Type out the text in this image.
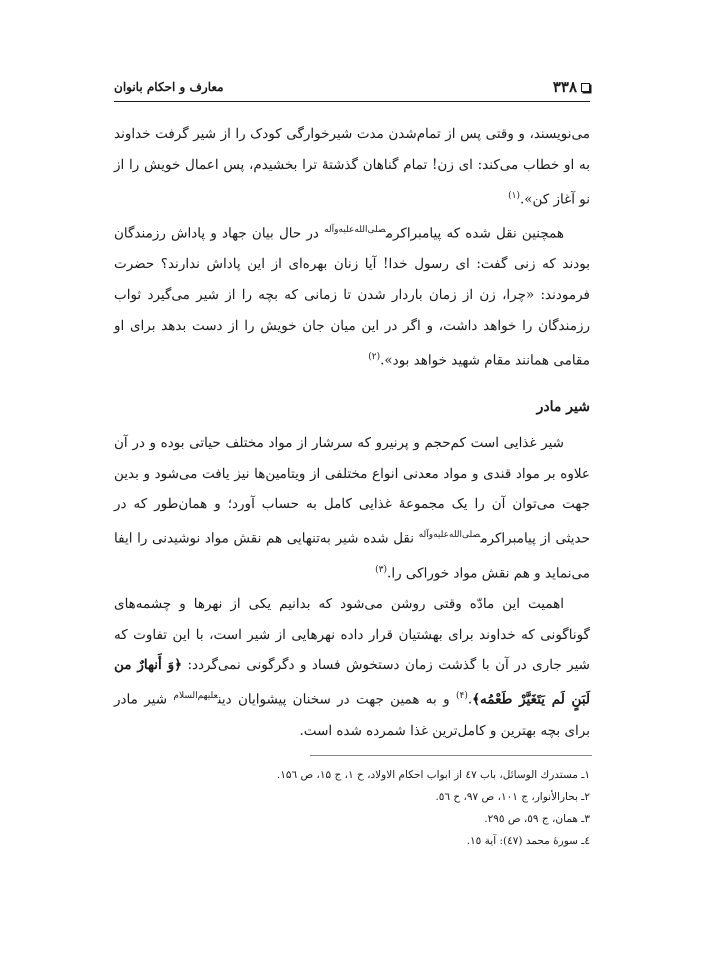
معارف و احکام بانوان	۳۳۸

می‌نویسند، و وقتی پس از تمام‌شدن مدت شیرخوارگی کودک را از شیر گرفت خداوند به او خطاب می‌کند: ای زن! تمام گناهان گذشتهٔ ترا بخشیدم، پس اعمال خویش را از نو آغاز کن».$^{(۱)}$

همچنین نقل شده که پیامبراکرم$^{صلى‌الله‌عليه‌وآله}$ در حال بیان جهاد و پاداش رزمندگان بودند که زنی گفت: ای رسول خدا! آیا زنان بهره‌ای از این پاداش ندارند؟ حضرت فرمودند: «چرا، زن از زمان باردار شدن تا زمانی که بچه را از شیر می‌گیرد ثواب رزمندگان را خواهد داشت، و اگر در این میان جان خویش را از دست بدهد برای او مقامی همانند مقام شهید خواهد بود».$^{(۲)}$

شیر مادر

شیر غذایی است کم‌حجم و پرنیرو که سرشار از مواد مختلف حیاتی بوده و در آن علاوه بر مواد قندی و مواد معدنی انواع مختلفی از ویتامین‌ها نیز یافت می‌شود و بدین جهت می‌توان آن را یک مجموعهٔ غذایی کامل به حساب آورد؛ و همان‌طور که در حدیثی از پیامبراکرم$^{صلى‌الله‌عليه‌وآله}$ نقل شده شیر به‌تنهایی هم نقش مواد نوشیدنی را ایفا می‌نماید و هم نقش مواد خوراکی را.$^{(۳)}$

اهمیت این مادّه وقتی روشن می‌شود که بدانیم یکی از نهرها و چشمه‌های گوناگونی که خداوند برای بهشتیان قرار داده نهرهایی از شیر است، با این تفاوت که شیر جاری در آن با گذشت زمان دستخوش فساد و دگرگونی نمی‌گردد: ﴿وَ أَنهارٌ من لَبَنٍ لَم يَتَغَيَّرْ طَعْمُه﴾.$^{(۴)}$ و به همین جهت در سخنان پیشوایان دین$^{عليهم‌السلام}$ شیر مادر برای بچه بهترین و کامل‌ترین غذا شمرده شده است.

۱ـ مستدرك الوسائل، باب ٤٧ از ابواب احكام الاولاد، ح ۱، ج ۱۵، ص ۱۵٦.
۲ـ بحارالأنوار، ج ۱۰۱، ص ۹۷، ح ٥٦.
۳ـ همان، ج ٥۹، ص ۲۹٥.
٤ـ سورهٔ محمد (٤۷): آية ۱٥.
